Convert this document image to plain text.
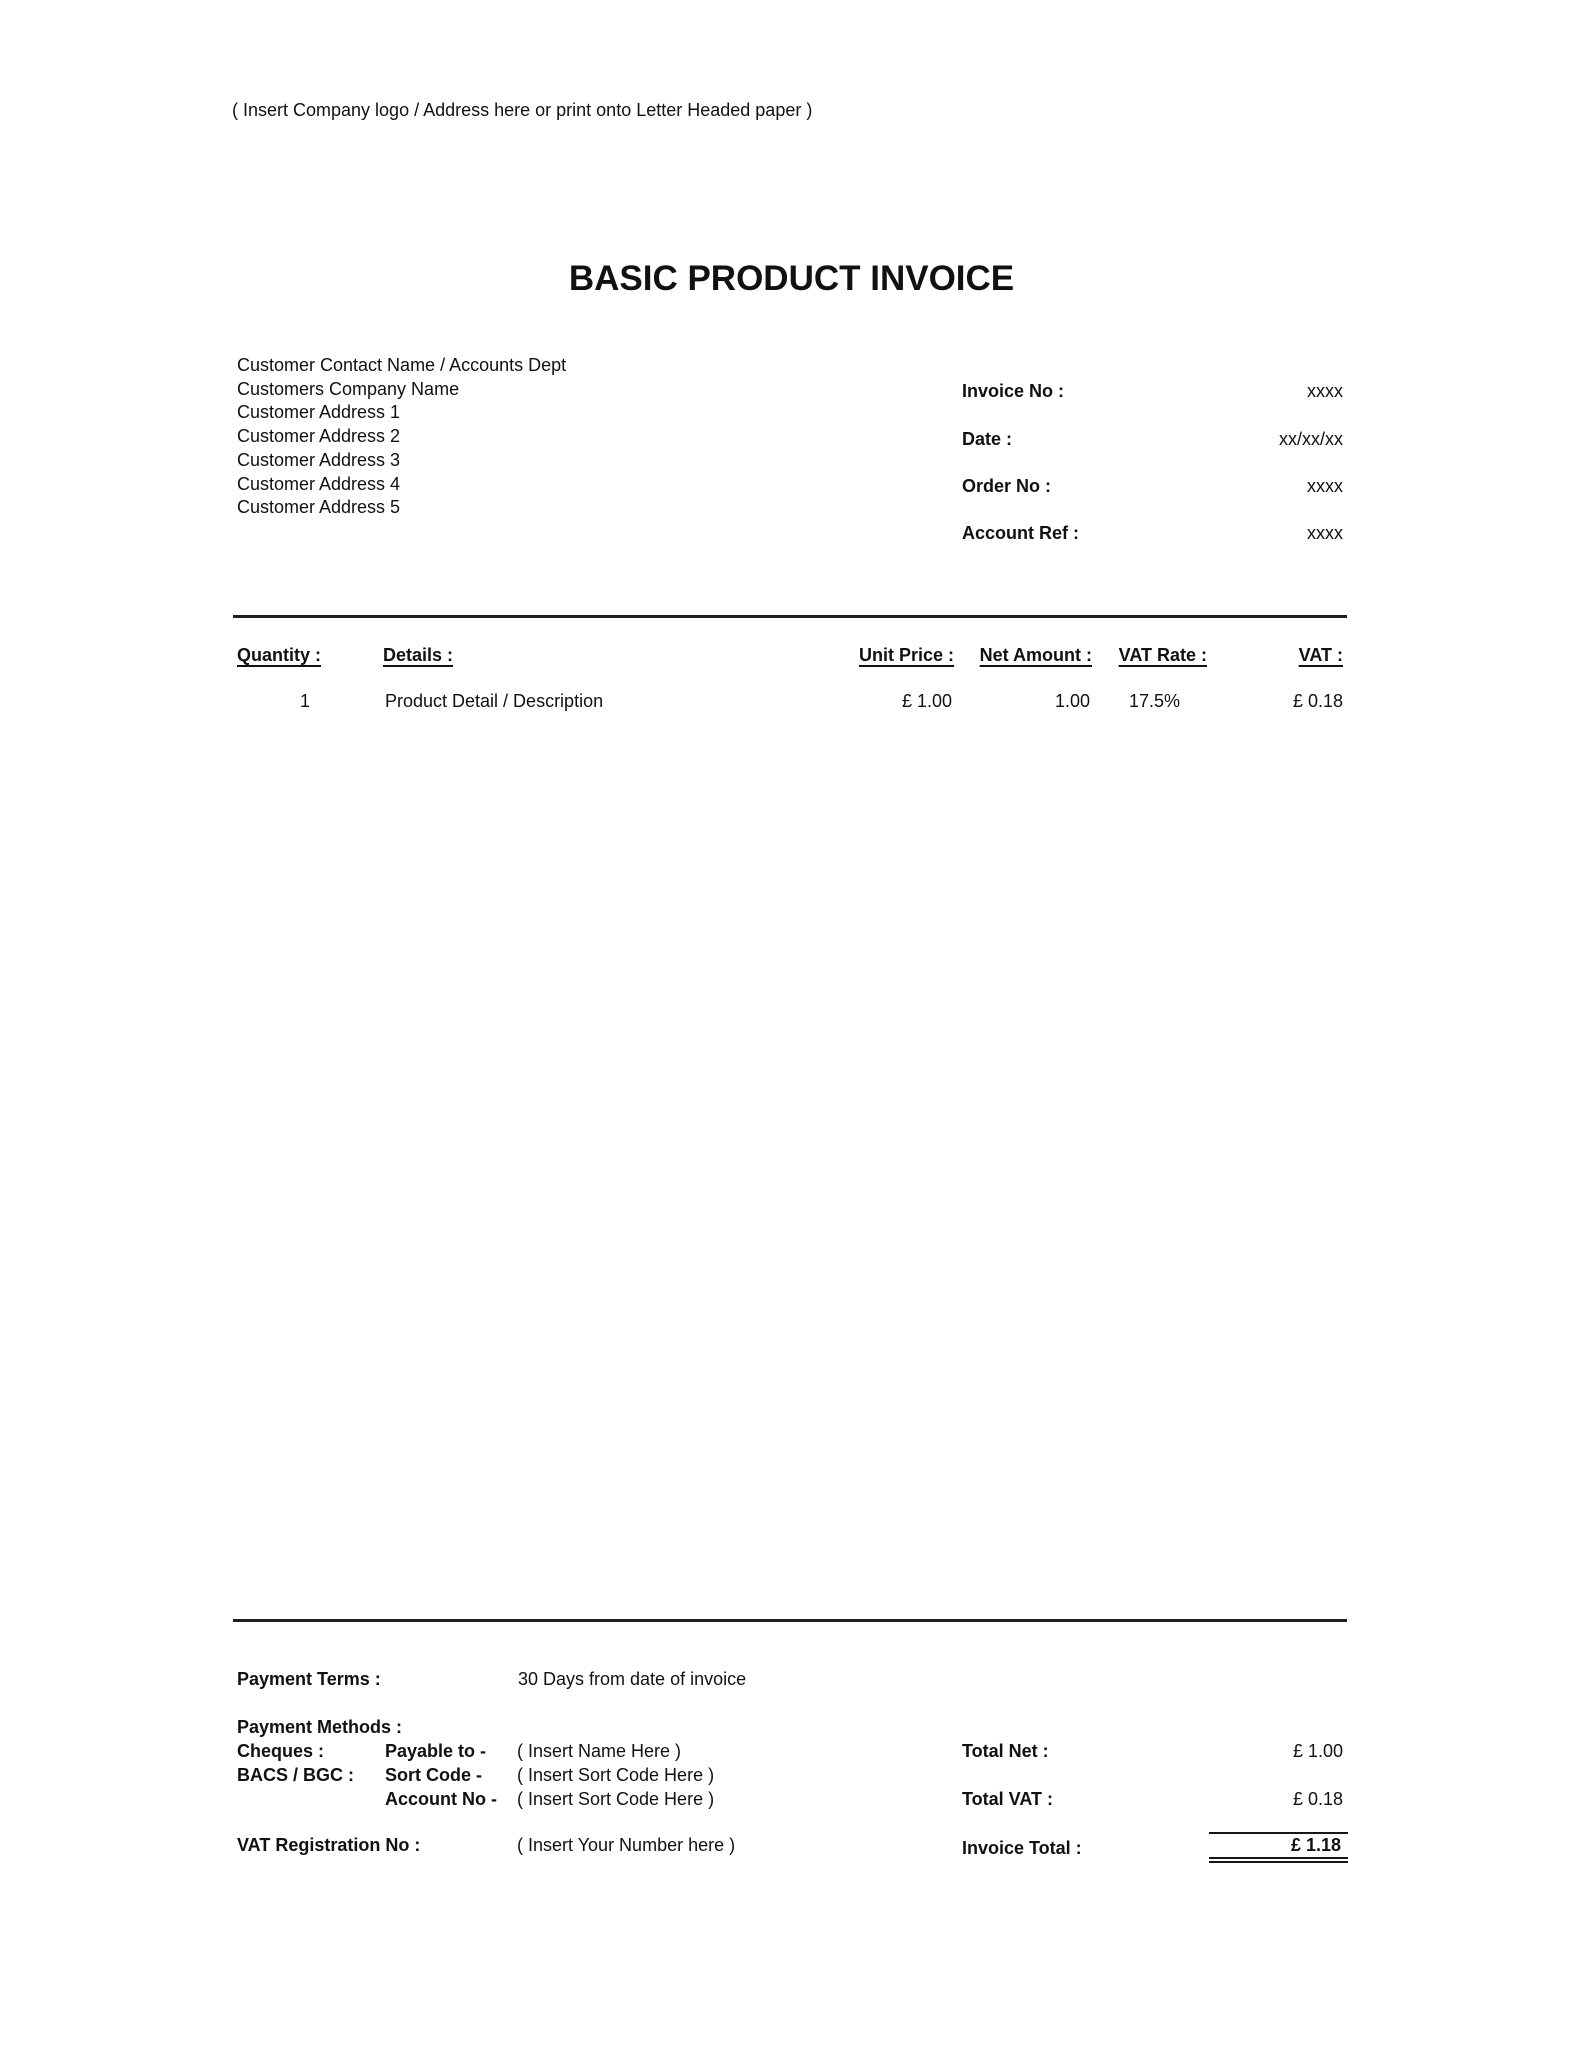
( Insert Company logo / Address here or print onto Letter Headed paper )
BASIC PRODUCT INVOICE
Customer Contact Name / Accounts Dept
Customers Company Name
Customer Address 1
Customer Address 2
Customer Address 3
Customer Address 4
Customer Address 5
Invoice No :	xxxx
Date :	xx/xx/xx
Order No :	xxxx
Account Ref :	xxxx
Quantity :	Details :	Unit Price :	Net Amount :	VAT Rate :	VAT :
1	Product Detail / Description	£ 1.00	1.00	17.5%	£ 0.18
Payment Terms :	30 Days from date of invoice
Payment Methods :
Cheques :	Payable to - ( Insert Name Here )
BACS / BGC : Sort Code - ( Insert Sort Code Here )
Account No - ( Insert Sort Code Here )
VAT Registration No :	( Insert Your Number here )
Total Net :	£ 1.00
Total VAT :	£ 0.18
Invoice Total :	£ 1.18
